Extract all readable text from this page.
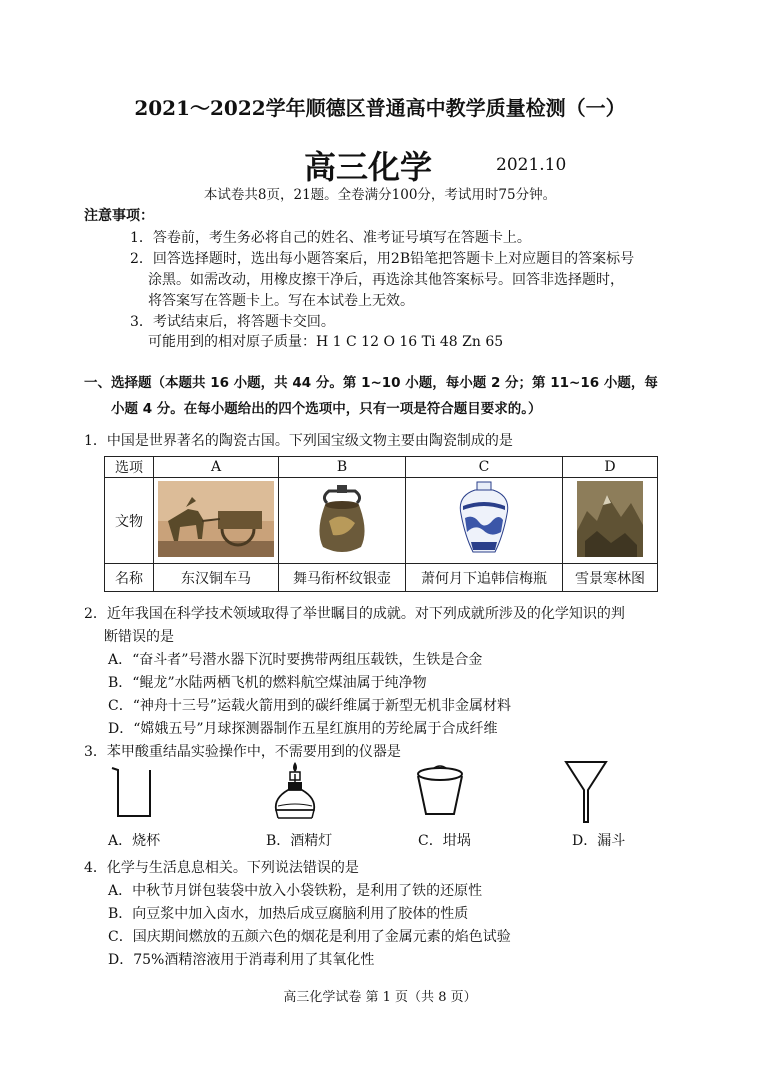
2021～2022学年顺德区普通高中教学质量检测（一）
高三化学	2021.10
本试卷共8页，21题。全卷满分100分，考试用时75分钟。
注意事项：
1．答卷前，考生务必将自己的姓名、准考证号填写在答题卡上。
2．回答选择题时，选出每小题答案后，用2B铅笔把答题卡上对应题目的答案标号
涂黑。如需改动，用橡皮擦干净后，再选涂其他答案标号。回答非选择题时，
将答案写在答题卡上。写在本试卷上无效。
3．考试结束后，将答题卡交回。
可能用到的相对原子质量：H 1 C 12 O 16 Ti 48 Zn 65
一、选择题（本题共 16 小题，共 44 分。第 1~10 小题，每小题 2 分；第 11~16 小题，每
小题 4 分。在每小题给出的四个选项中，只有一项是符合题目要求的。）
1．中国是世界著名的陶瓷古国。下列国宝级文物主要由陶瓷制成的是
选项	A	B	C	D
文物				
名称	东汉铜车马	舞马衔杯纹银壶	萧何月下追韩信梅瓶	雪景寒林图
2．近年我国在科学技术领域取得了举世瞩目的成就。对下列成就所涉及的化学知识的判
断错误的是
A．“奋斗者”号潜水器下沉时要携带两组压载铁，生铁是合金
B．“鲲龙”水陆两栖飞机的燃料航空煤油属于纯净物
C．“神舟十三号”运载火箭用到的碳纤维属于新型无机非金属材料
D．“嫦娥五号”月球探测器制作五星红旗用的芳纶属于合成纤维
3．苯甲酸重结晶实验操作中，不需要用到的仪器是
A．烧杯	B．酒精灯	C．坩埚	D．漏斗
4．化学与生活息息相关。下列说法错误的是
A．中秋节月饼包装袋中放入小袋铁粉，是利用了铁的还原性
B．向豆浆中加入卤水，加热后成豆腐脑利用了胶体的性质
C．国庆期间燃放的五颜六色的烟花是利用了金属元素的焰色试验
D．75%酒精溶液用于消毒利用了其氧化性
高三化学试卷 第 1 页（共 8 页）
